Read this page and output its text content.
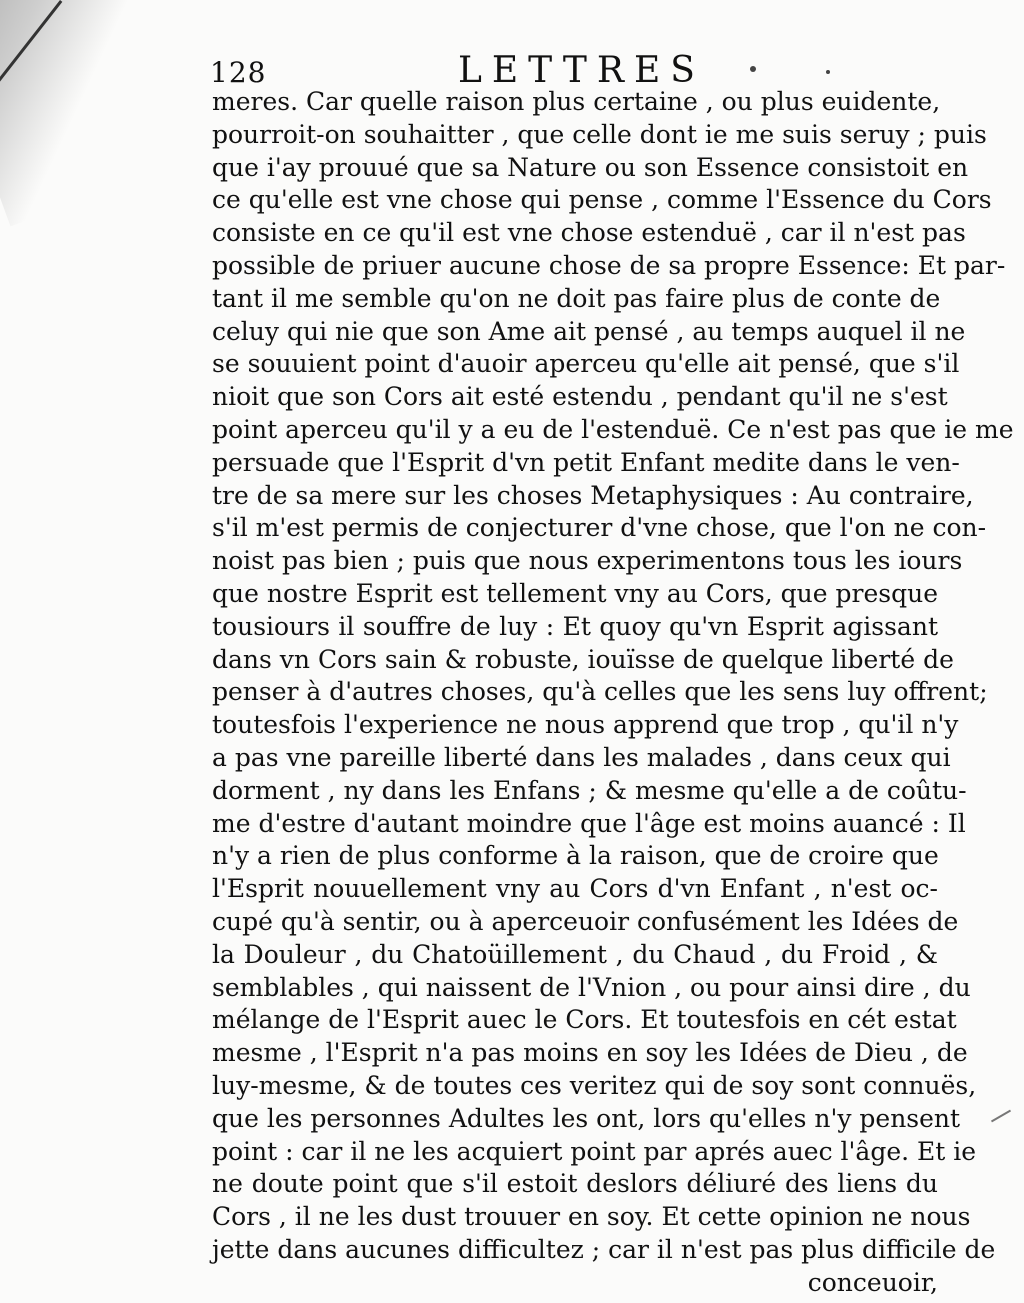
128	LETTRES
meres. Car quelle raison plus certaine , ou plus euidente,
pourroit-on souhaitter , que celle dont ie me suis seruy ; puis
que i'ay prouué que sa Nature ou son Essence consistoit en
ce qu'elle est vne chose qui pense , comme l'Essence du Cors
consiste en ce qu'il est vne chose estenduë , car il n'est pas
possible de priuer aucune chose de sa propre Essence: Et par-
tant il me semble qu'on ne doit pas faire plus de conte de
celuy qui nie que son Ame ait pensé , au temps auquel il ne
se souuient point d'auoir aperceu qu'elle ait pensé, que s'il
nioit que son Cors ait esté estendu , pendant qu'il ne s'est
point aperceu qu'il y a eu de l'estenduë. Ce n'est pas que ie me
persuade que l'Esprit d'vn petit Enfant medite dans le ven-
tre de sa mere sur les choses Metaphysiques : Au contraire,
s'il m'est permis de conjecturer d'vne chose, que l'on ne con-
noist pas bien ; puis que nous experimentons tous les iours
que nostre Esprit est tellement vny au Cors, que presque
tousiours il souffre de luy : Et quoy qu'vn Esprit agissant
dans vn Cors sain & robuste, iouïsse de quelque liberté de
penser à d'autres choses, qu'à celles que les sens luy offrent;
toutesfois l'experience ne nous apprend que trop , qu'il n'y
a pas vne pareille liberté dans les malades , dans ceux qui
dorment , ny dans les Enfans ; & mesme qu'elle a de coûtu-
me d'estre d'autant moindre que l'âge est moins auancé : Il
n'y a rien de plus conforme à la raison, que de croire que
l'Esprit nouuellement vny au Cors d'vn Enfant , n'est oc-
cupé qu'à sentir, ou à aperceuoir confusément les Idées de
la Douleur , du Chatoüillement , du Chaud , du Froid , &
semblables , qui naissent de l'Vnion , ou pour ainsi dire , du
mélange de l'Esprit auec le Cors. Et toutesfois en cét estat
mesme , l'Esprit n'a pas moins en soy les Idées de Dieu , de
luy-mesme, & de toutes ces veritez qui de soy sont connuës,
que les personnes Adultes les ont, lors qu'elles n'y pensent
point : car il ne les acquiert point par aprés auec l'âge. Et ie
ne doute point que s'il estoit deslors déliuré des liens du
Cors , il ne les dust trouuer en soy. Et cette opinion ne nous
jette dans aucunes difficultez ; car il n'est pas plus difficile de
conceuoir,
